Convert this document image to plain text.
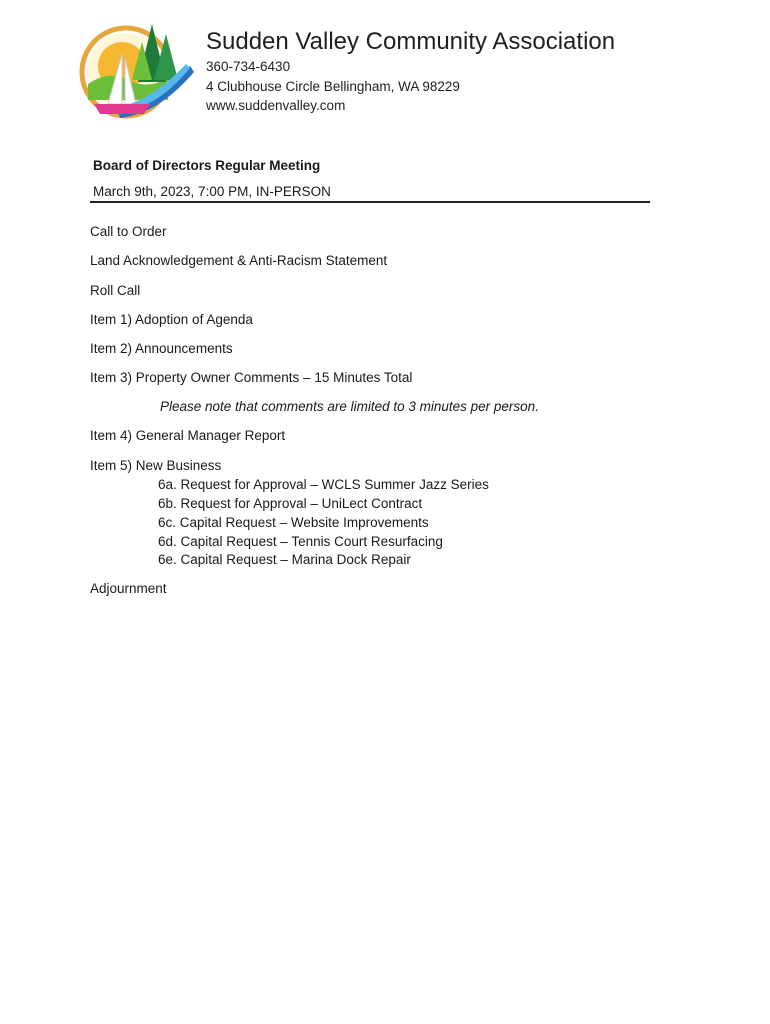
Sudden Valley Community Association
360-734-6430
4 Clubhouse Circle Bellingham, WA 98229
www.suddenvalley.com
Board of Directors Regular Meeting
March 9th, 2023, 7:00 PM, IN-PERSON
Call to Order
Land Acknowledgement & Anti-Racism Statement
Roll Call
Item 1) Adoption of Agenda
Item 2) Announcements
Item 3) Property Owner Comments – 15 Minutes Total
Please note that comments are limited to 3 minutes per person.
Item 4) General Manager Report
Item 5) New Business
6a. Request for Approval – WCLS Summer Jazz Series
6b. Request for Approval – UniLect Contract
6c. Capital Request – Website Improvements
6d. Capital Request – Tennis Court Resurfacing
6e. Capital Request – Marina Dock Repair
Adjournment
